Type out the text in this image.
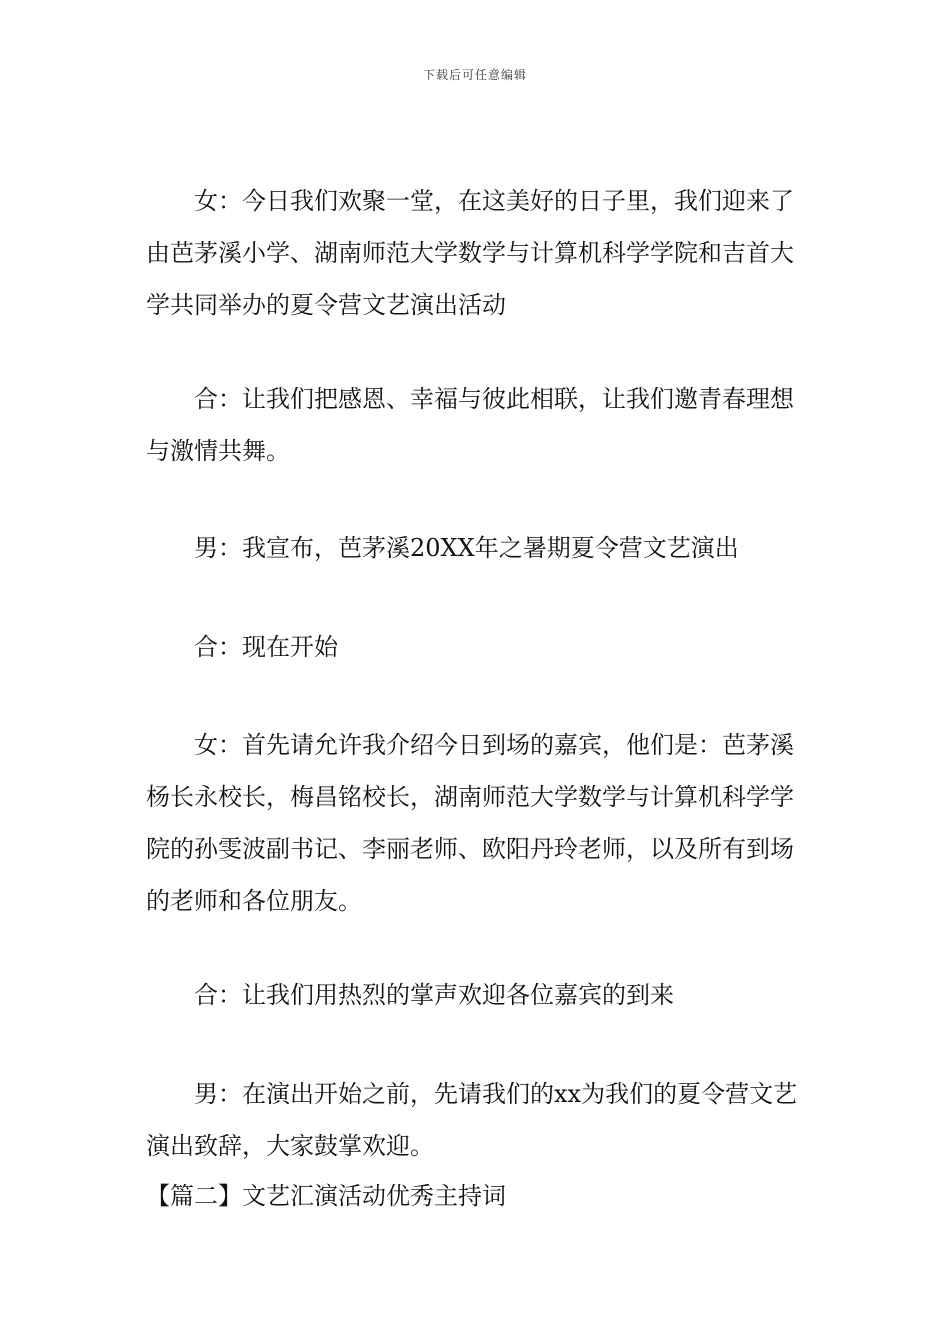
下载后可任意编辑

女：今日我们欢聚一堂，在这美好的日子里，我们迎来了由芭茅溪小学、湖南师范大学数学与计算机科学学院和吉首大学共同举办的夏令营文艺演出活动

合：让我们把感恩、幸福与彼此相联，让我们邀青春理想与激情共舞。

男：我宣布，芭茅溪20XX年之暑期夏令营文艺演出

合：现在开始

女：首先请允许我介绍今日到场的嘉宾，他们是：芭茅溪杨长永校长，梅昌铭校长，湖南师范大学数学与计算机科学学院的孙雯波副书记、李丽老师、欧阳丹玲老师，以及所有到场的老师和各位朋友。

合：让我们用热烈的掌声欢迎各位嘉宾的到来

男：在演出开始之前，先请我们的xx为我们的夏令营文艺演出致辞，大家鼓掌欢迎。

【篇二】文艺汇演活动优秀主持词
